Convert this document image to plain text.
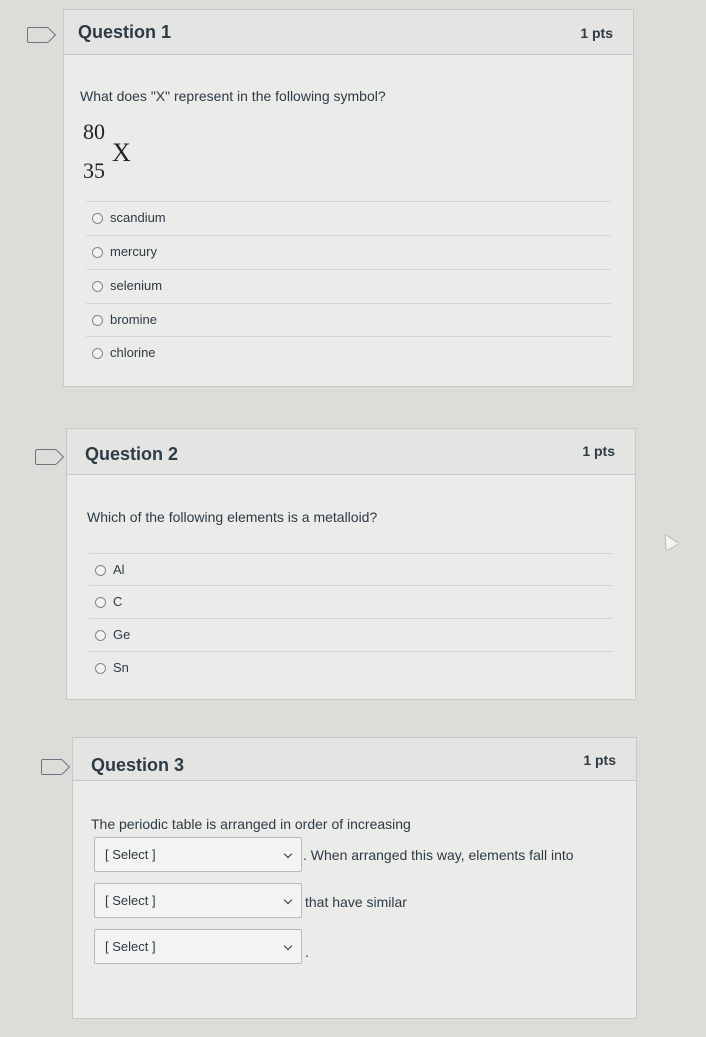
Question 1	1 pts
What does "X" represent in the following symbol?
80
35
X
scandium
mercury
selenium
bromine
chlorine
Question 2	1 pts
Which of the following elements is a metalloid?
Al
C
Ge
Sn
Question 3	1 pts
The periodic table is arranged in order of increasing
[ Select ]	. When arranged this way, elements fall into
[ Select ]	that have similar
[ Select ]	.
